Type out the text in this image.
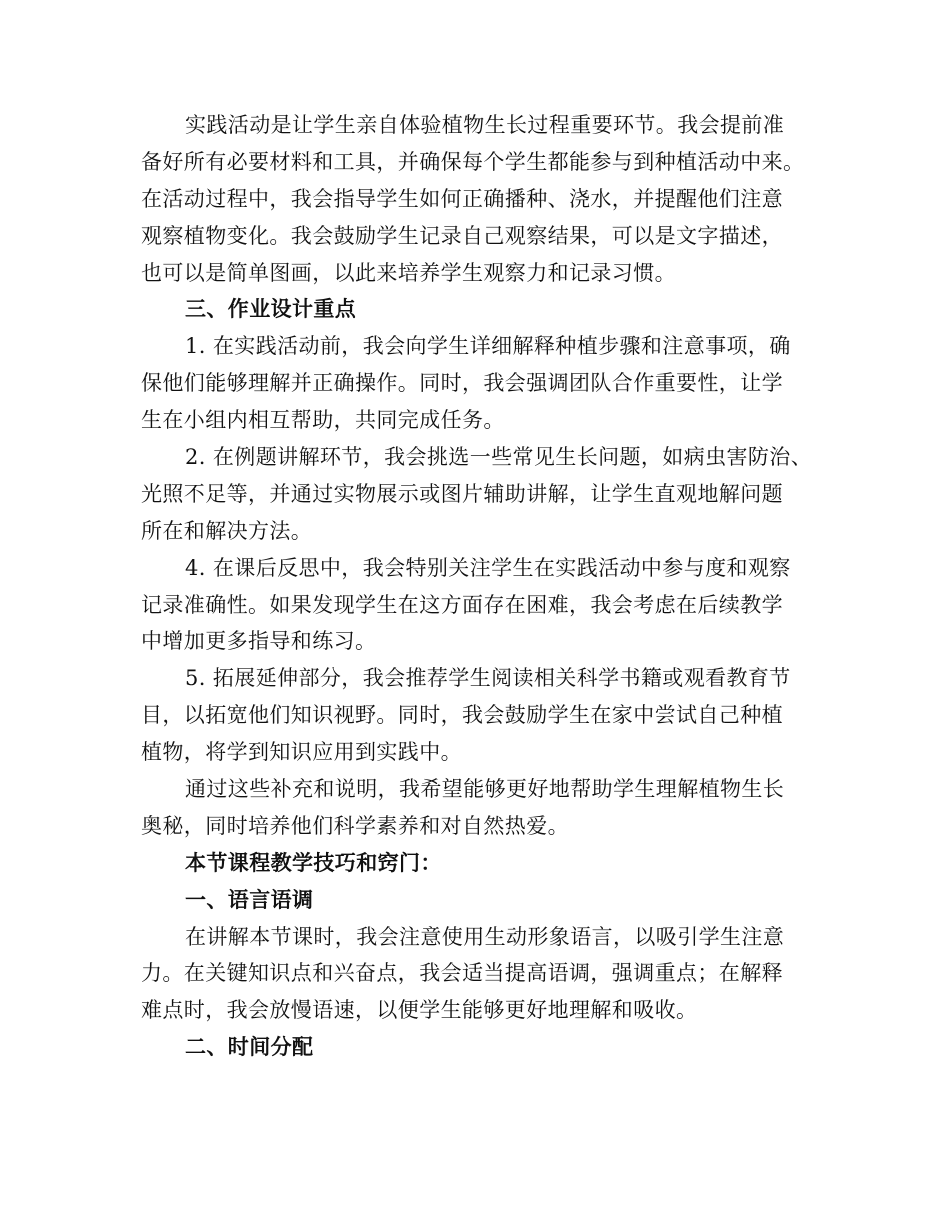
实践活动是让学生亲自体验植物生长过程重要环节。我会提前准
备好所有必要材料和工具，并确保每个学生都能参与到种植活动中来。
在活动过程中，我会指导学生如何正确播种、浇水，并提醒他们注意
观察植物变化。我会鼓励学生记录自己观察结果，可以是文字描述，
也可以是简单图画，以此来培养学生观察力和记录习惯。
三、作业设计重点
1. 在实践活动前，我会向学生详细解释种植步骤和注意事项，确
保他们能够理解并正确操作。同时，我会强调团队合作重要性，让学
生在小组内相互帮助，共同完成任务。
2. 在例题讲解环节，我会挑选一些常见生长问题，如病虫害防治、
光照不足等，并通过实物展示或图片辅助讲解，让学生直观地解问题
所在和解决方法。
4. 在课后反思中，我会特别关注学生在实践活动中参与度和观察
记录准确性。如果发现学生在这方面存在困难，我会考虑在后续教学
中增加更多指导和练习。
5. 拓展延伸部分，我会推荐学生阅读相关科学书籍或观看教育节
目，以拓宽他们知识视野。同时，我会鼓励学生在家中尝试自己种植
植物，将学到知识应用到实践中。
通过这些补充和说明，我希望能够更好地帮助学生理解植物生长
奥秘，同时培养他们科学素养和对自然热爱。
本节课程教学技巧和窍门：
一、语言语调
在讲解本节课时，我会注意使用生动形象语言，以吸引学生注意
力。在关键知识点和兴奋点，我会适当提高语调，强调重点；在解释
难点时，我会放慢语速，以便学生能够更好地理解和吸收。
二、时间分配
